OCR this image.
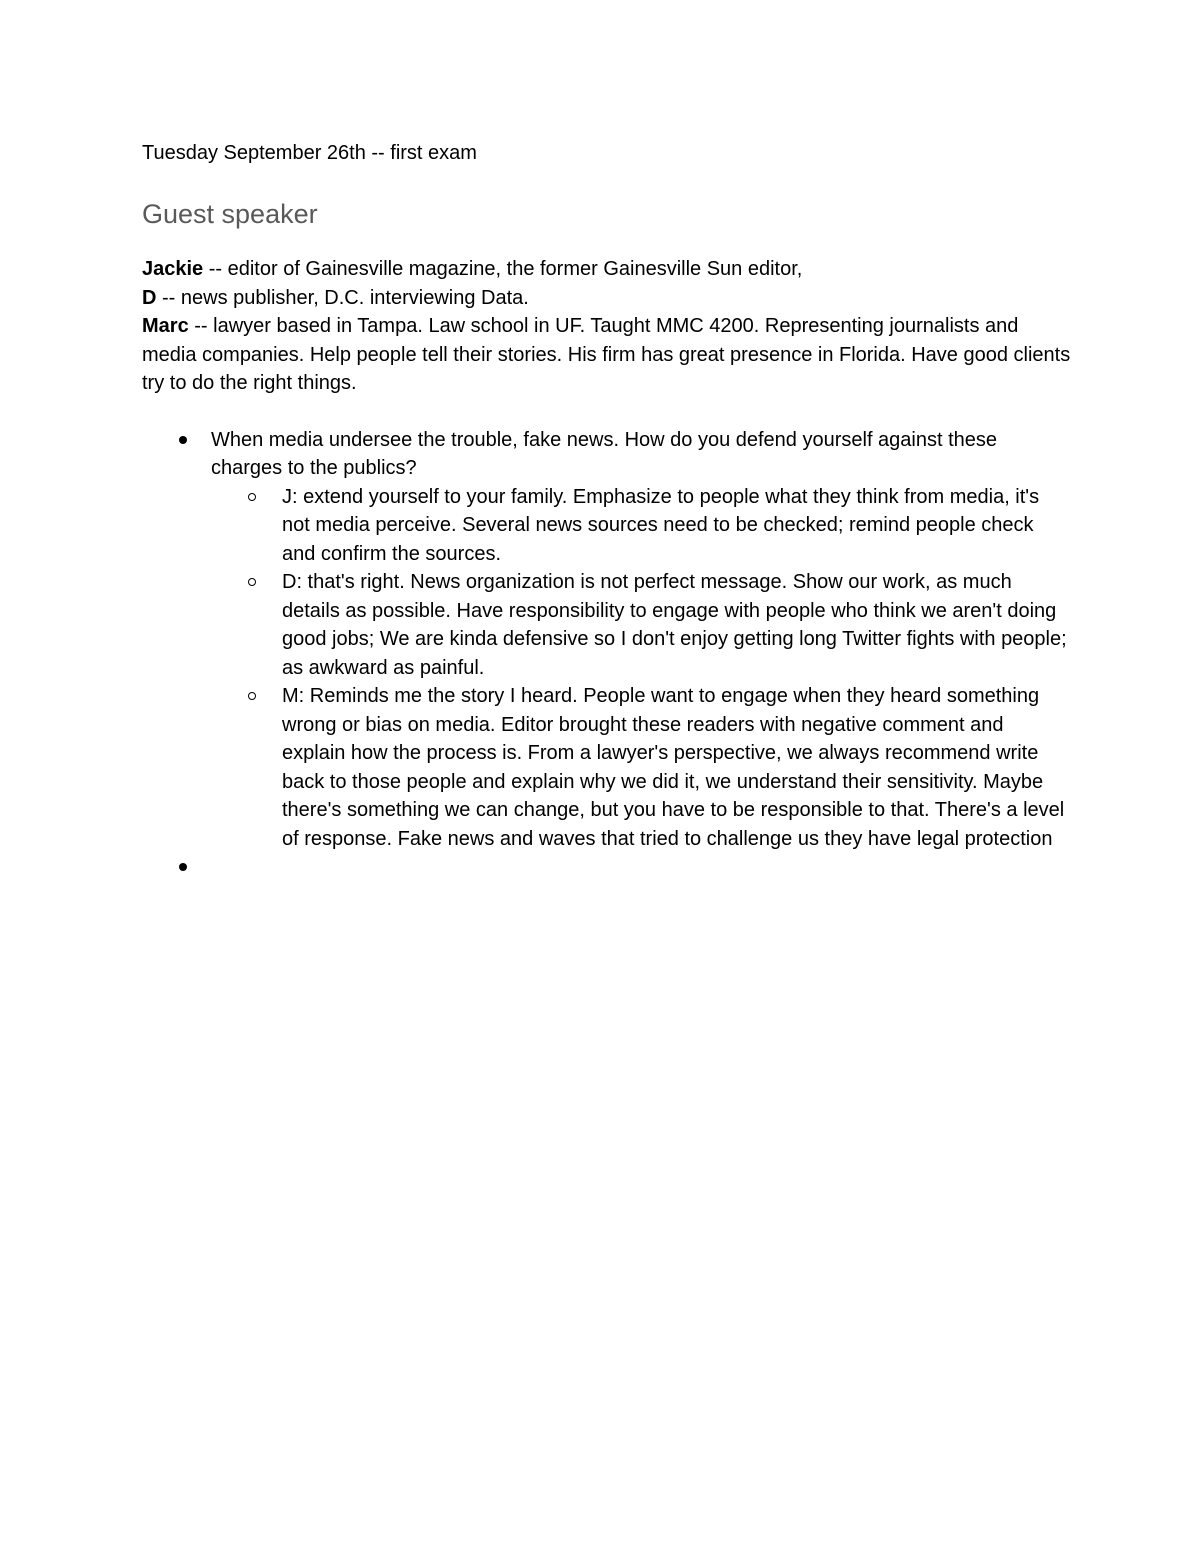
Tuesday September 26th -- first exam

Guest speaker
Jackie -- editor of Gainesville magazine, the former Gainesville Sun editor,
D -- news publisher, D.C. interviewing Data.
Marc -- lawyer based in Tampa. Law school in UF. Taught MMC 4200. Representing journalists and media companies. Help people tell their stories. His firm has great presence in Florida. Have good clients try to do the right things.
When media undersee the trouble, fake news. How do you defend yourself against these charges to the publics?
J: extend yourself to your family. Emphasize to people what they think from media, it's not media perceive. Several news sources need to be checked; remind people check and confirm the sources.
D: that's right. News organization is not perfect message. Show our work, as much details as possible. Have responsibility to engage with people who think we aren't doing good jobs; We are kinda defensive so I don't enjoy getting long Twitter fights with people; as awkward as painful.
M: Reminds me the story I heard. People want to engage when they heard something wrong or bias on media. Editor brought these readers with negative comment and explain how the process is. From a lawyer's perspective, we always recommend write back to those people and explain why we did it, we understand their sensitivity. Maybe there's something we can change, but you have to be responsible to that. There's a level of response. Fake news and waves that tried to challenge us they have legal protection
